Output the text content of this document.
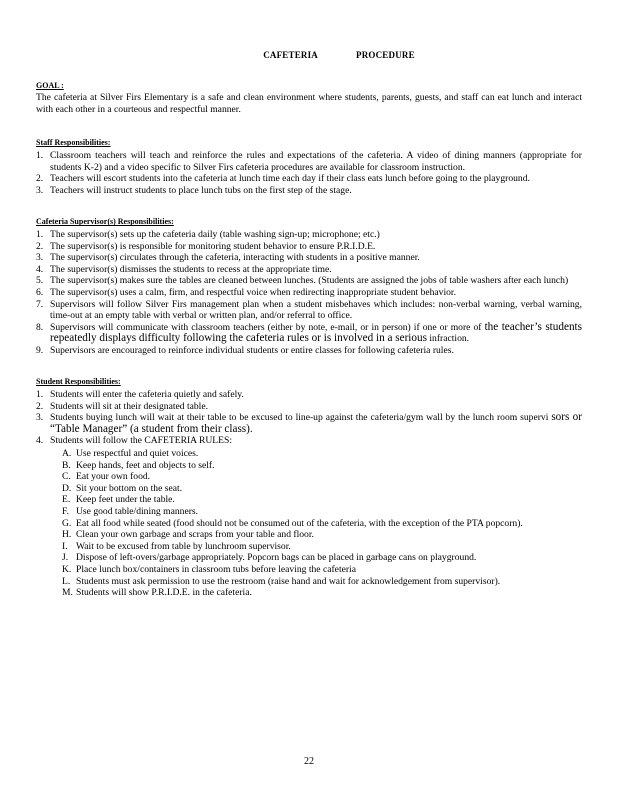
CAFETERIA	PROCEDURE
GOAL :
The cafeteria at Silver Firs Elementary is a safe and clean environment where students, parents, guests, and staff can eat lunch and interact with each other in a courteous and respectful manner.
Staff Responsibilities:
1. Classroom teachers will teach and reinforce the rules and expectations of the cafeteria. A video of dining manners (appropriate for students K-2) and a video specific to Silver Firs cafeteria procedures are available for classroom instruction.
2. Teachers will escort students into the cafeteria at lunch time each day if their class eats lunch before going to the playground.
3. Teachers will instruct students to place lunch tubs on the first step of the stage.
Cafeteria Supervisor(s) Responsibilities:
1. The supervisor(s) sets up the cafeteria daily (table washing sign-up; microphone; etc.)
2. The supervisor(s) is responsible for monitoring student behavior to ensure P.R.I.D.E.
3. The supervisor(s) circulates through the cafeteria, interacting with students in a positive manner.
4. The supervisor(s) dismisses the students to recess at the appropriate time.
5. The supervisor(s) makes sure the tables are cleaned between lunches. (Students are assigned the jobs of table washers after each lunch)
6. The supervisor(s) uses a calm, firm, and respectful voice when redirecting inappropriate student behavior.
7. Supervisors will follow Silver Firs management plan when a student misbehaves which includes: non-verbal warning, verbal warning, time-out at an empty table with verbal or written plan, and/or referral to office.
8. Supervisors will communicate with classroom teachers (either by note, e-mail, or in person) if one or more of the teacher’s students repeatedly displays difficulty following the cafeteria rules or is involved in a serious infraction.
9. Supervisors are encouraged to reinforce individual students or entire classes for following cafeteria rules.
Student Responsibilities:
1. Students will enter the cafeteria quietly and safely.
2. Students will sit at their designated table.
3. Students buying lunch will wait at their table to be excused to line-up against the cafeteria/gym wall by the lunch room supervi sors or “Table Manager” (a student from their class).
4. Students will follow the CAFETERIA RULES:
A. Use respectful and quiet voices.
B. Keep hands, feet and objects to self.
C. Eat your own food.
D. Sit your bottom on the seat.
E. Keep feet under the table.
F. Use good table/dining manners.
G. Eat all food while seated (food should not be consumed out of the cafeteria, with the exception of the PTA popcorn).
H. Clean your own garbage and scraps from your table and floor.
I. Wait to be excused from table by lunchroom supervisor.
J. Dispose of left-overs/garbage appropriately. Popcorn bags can be placed in garbage cans on playground.
K. Place lunch box/containers in classroom tubs before leaving the cafeteria
L. Students must ask permission to use the restroom (raise hand and wait for acknowledgement from supervisor).
M. Students will show P.R.I.D.E. in the cafeteria.
22
